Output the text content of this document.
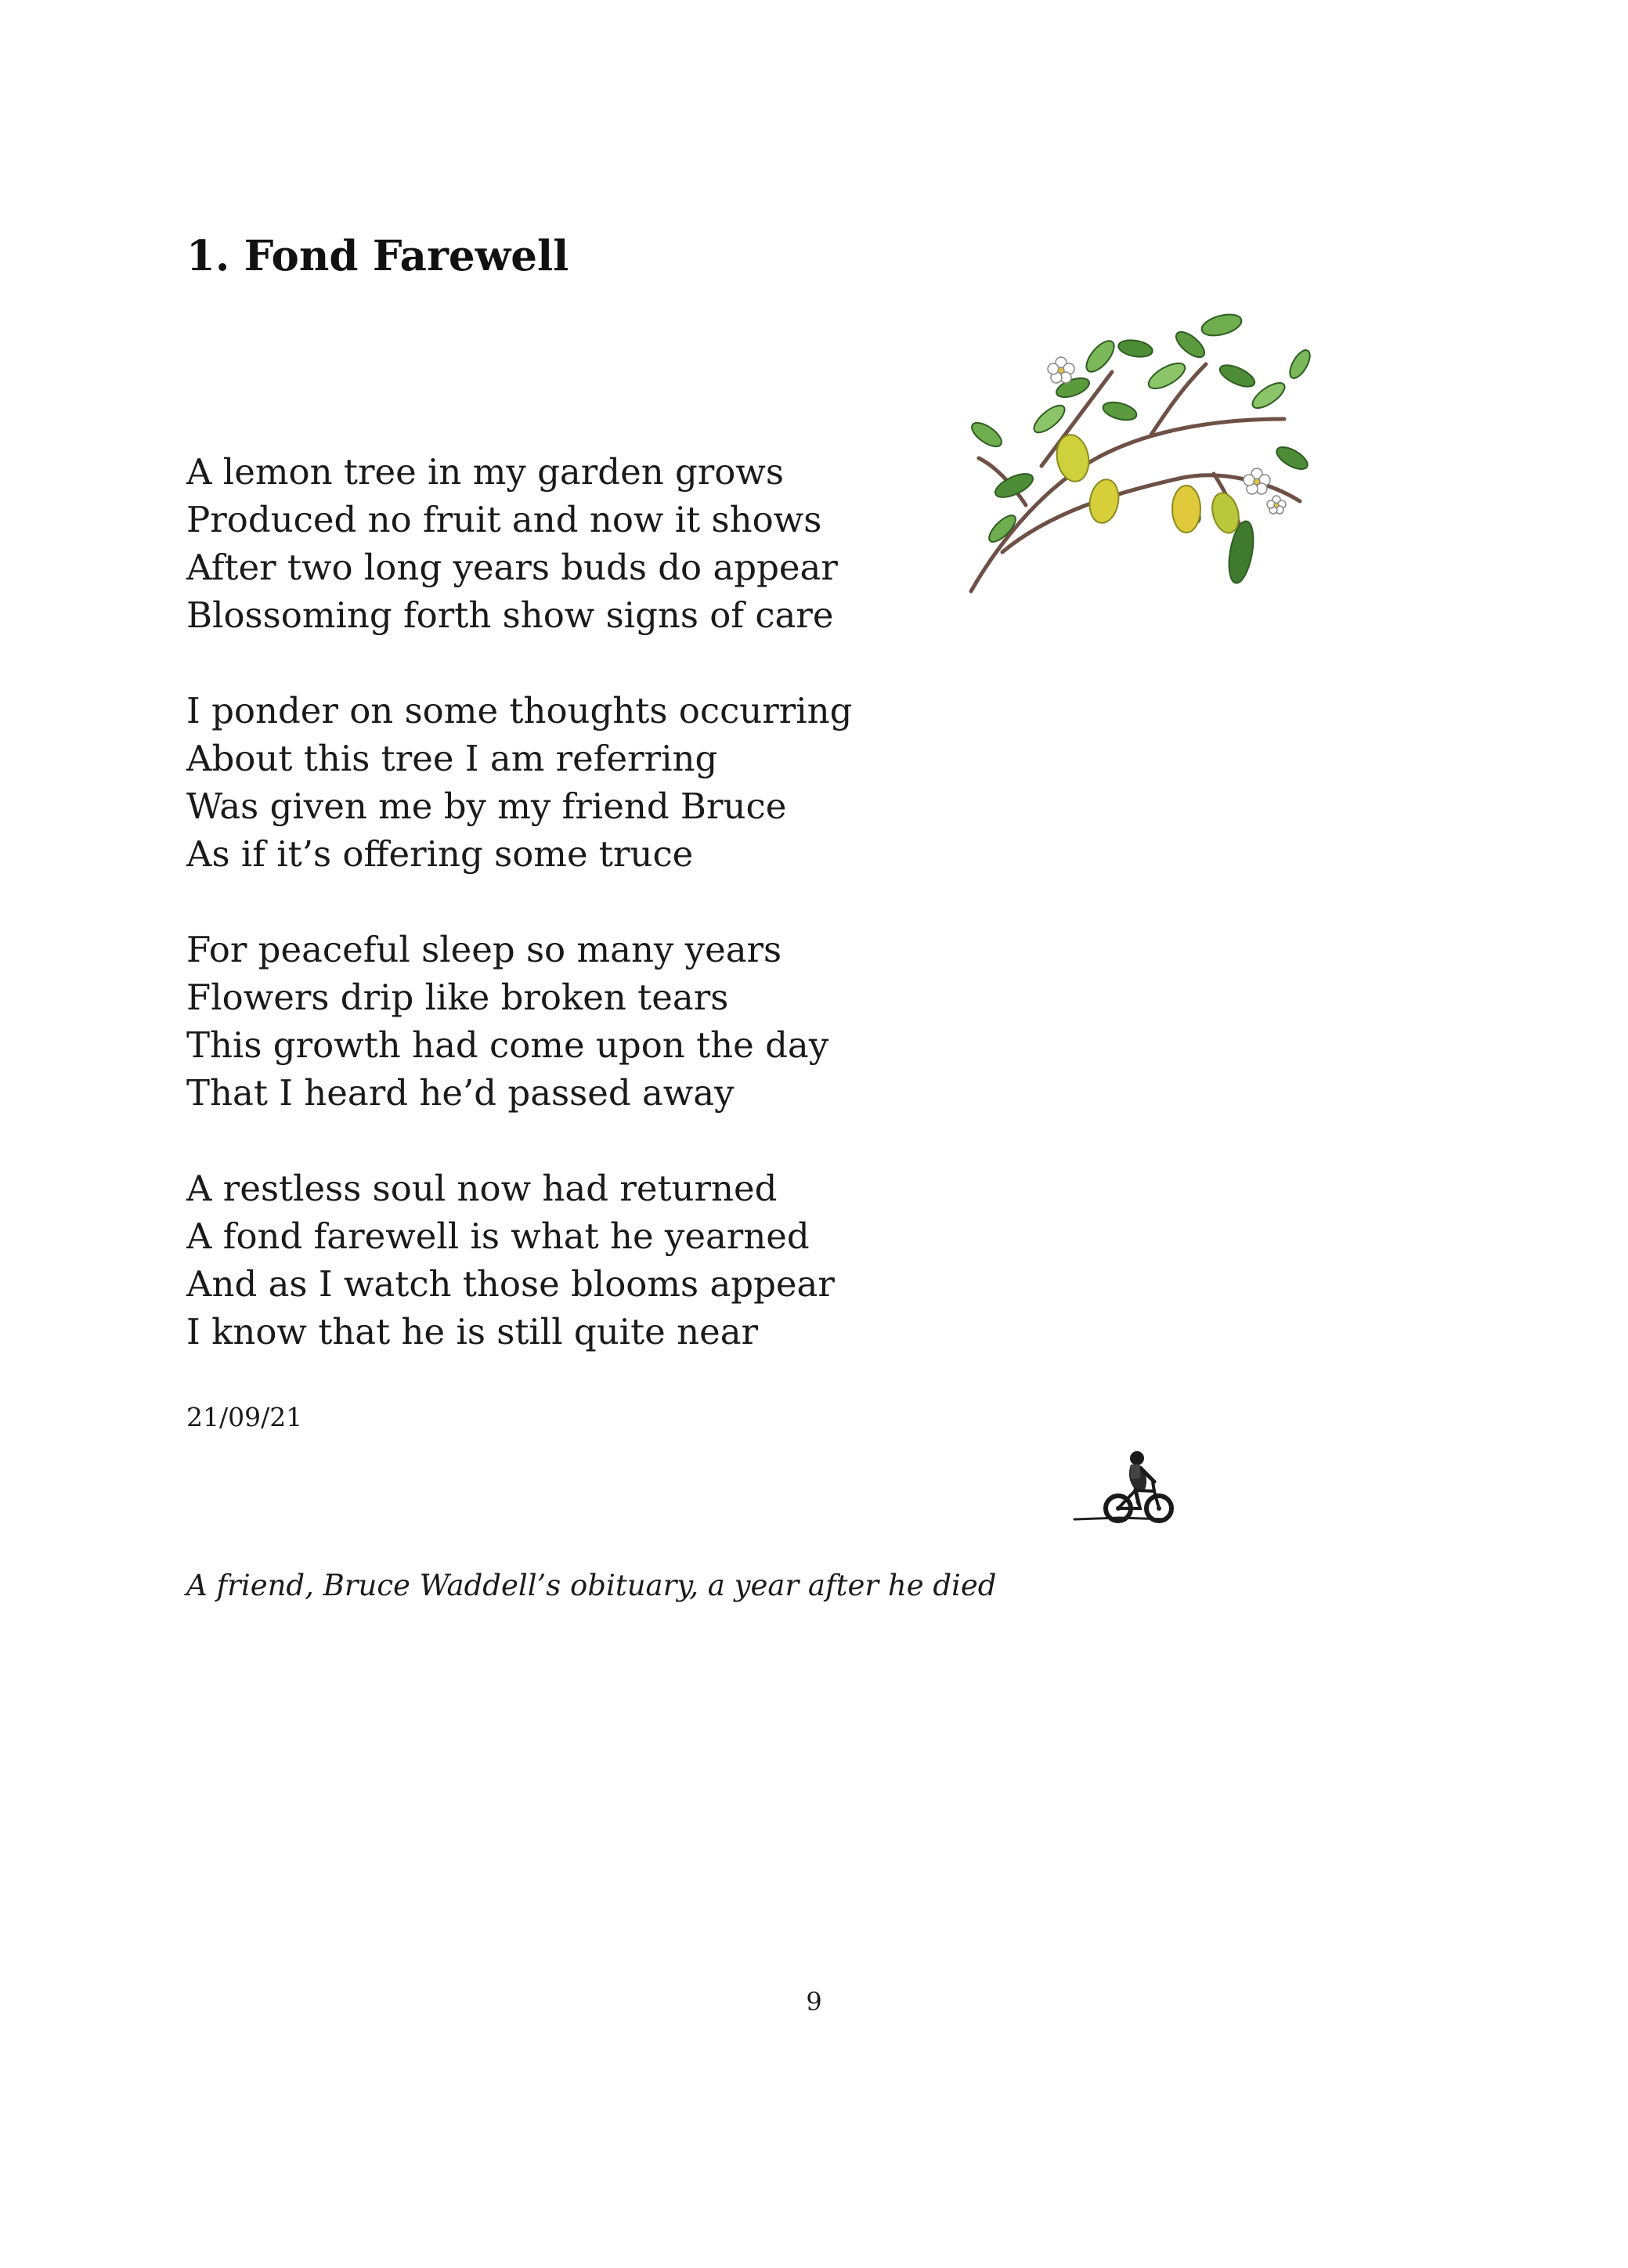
1. Fond Farewell
A lemon tree in my garden grows
Produced no fruit and now it shows
After two long years buds do appear
Blossoming forth show signs of care
I ponder on some thoughts occurring
About this tree I am referring
Was given me by my friend Bruce
As if it’s offering some truce
For peaceful sleep so many years
Flowers drip like broken tears
This growth had come upon the day
That I heard he’d passed away
A restless soul now had returned
A fond farewell is what he yearned
And as I watch those blooms appear
I know that he is still quite near
21/09/21
A friend, Bruce Waddell’s obituary, a year after he died
9
